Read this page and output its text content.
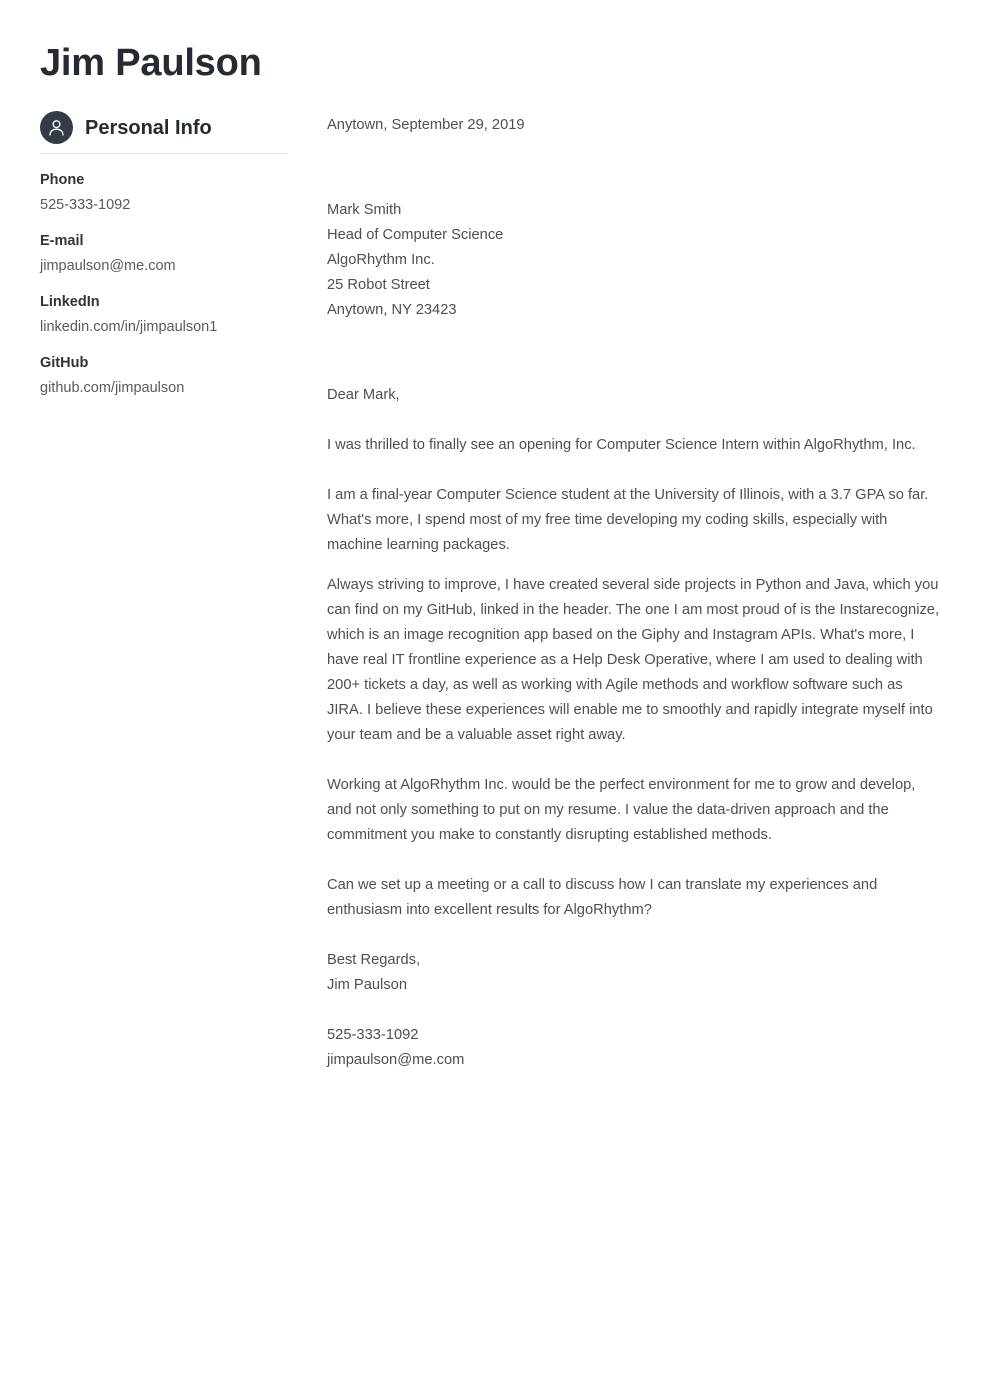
Jim Paulson
Personal Info
Phone
525-333-1092
E-mail
jimpaulson@me.com
LinkedIn
linkedin.com/in/jimpaulson1
GitHub
github.com/jimpaulson
Anytown, September 29, 2019
Mark Smith
Head of Computer Science
AlgoRhythm Inc.
25 Robot Street
Anytown, NY 23423
Dear Mark,

I was thrilled to finally see an opening for Computer Science Intern within AlgoRhythm, Inc.

I am a final-year Computer Science student at the University of Illinois, with a 3.7 GPA so far. What's more, I spend most of my free time developing my coding skills, especially with machine learning packages.

Always striving to improve, I have created several side projects in Python and Java, which you can find on my GitHub, linked in the header. The one I am most proud of is the Instarecognize, which is an image recognition app based on the Giphy and Instagram APIs. What's more, I have real IT frontline experience as a Help Desk Operative, where I am used to dealing with 200+ tickets a day, as well as working with Agile methods and workflow software such as JIRA. I believe these experiences will enable me to smoothly and rapidly integrate myself into your team and be a valuable asset right away.

Working at AlgoRhythm Inc. would be the perfect environment for me to grow and develop, and not only something to put on my resume. I value the data-driven approach and the commitment you make to constantly disrupting established methods.

Can we set up a meeting or a call to discuss how I can translate my experiences and enthusiasm into excellent results for AlgoRhythm?

Best Regards,
Jim Paulson
525-333-1092
jimpaulson@me.com
